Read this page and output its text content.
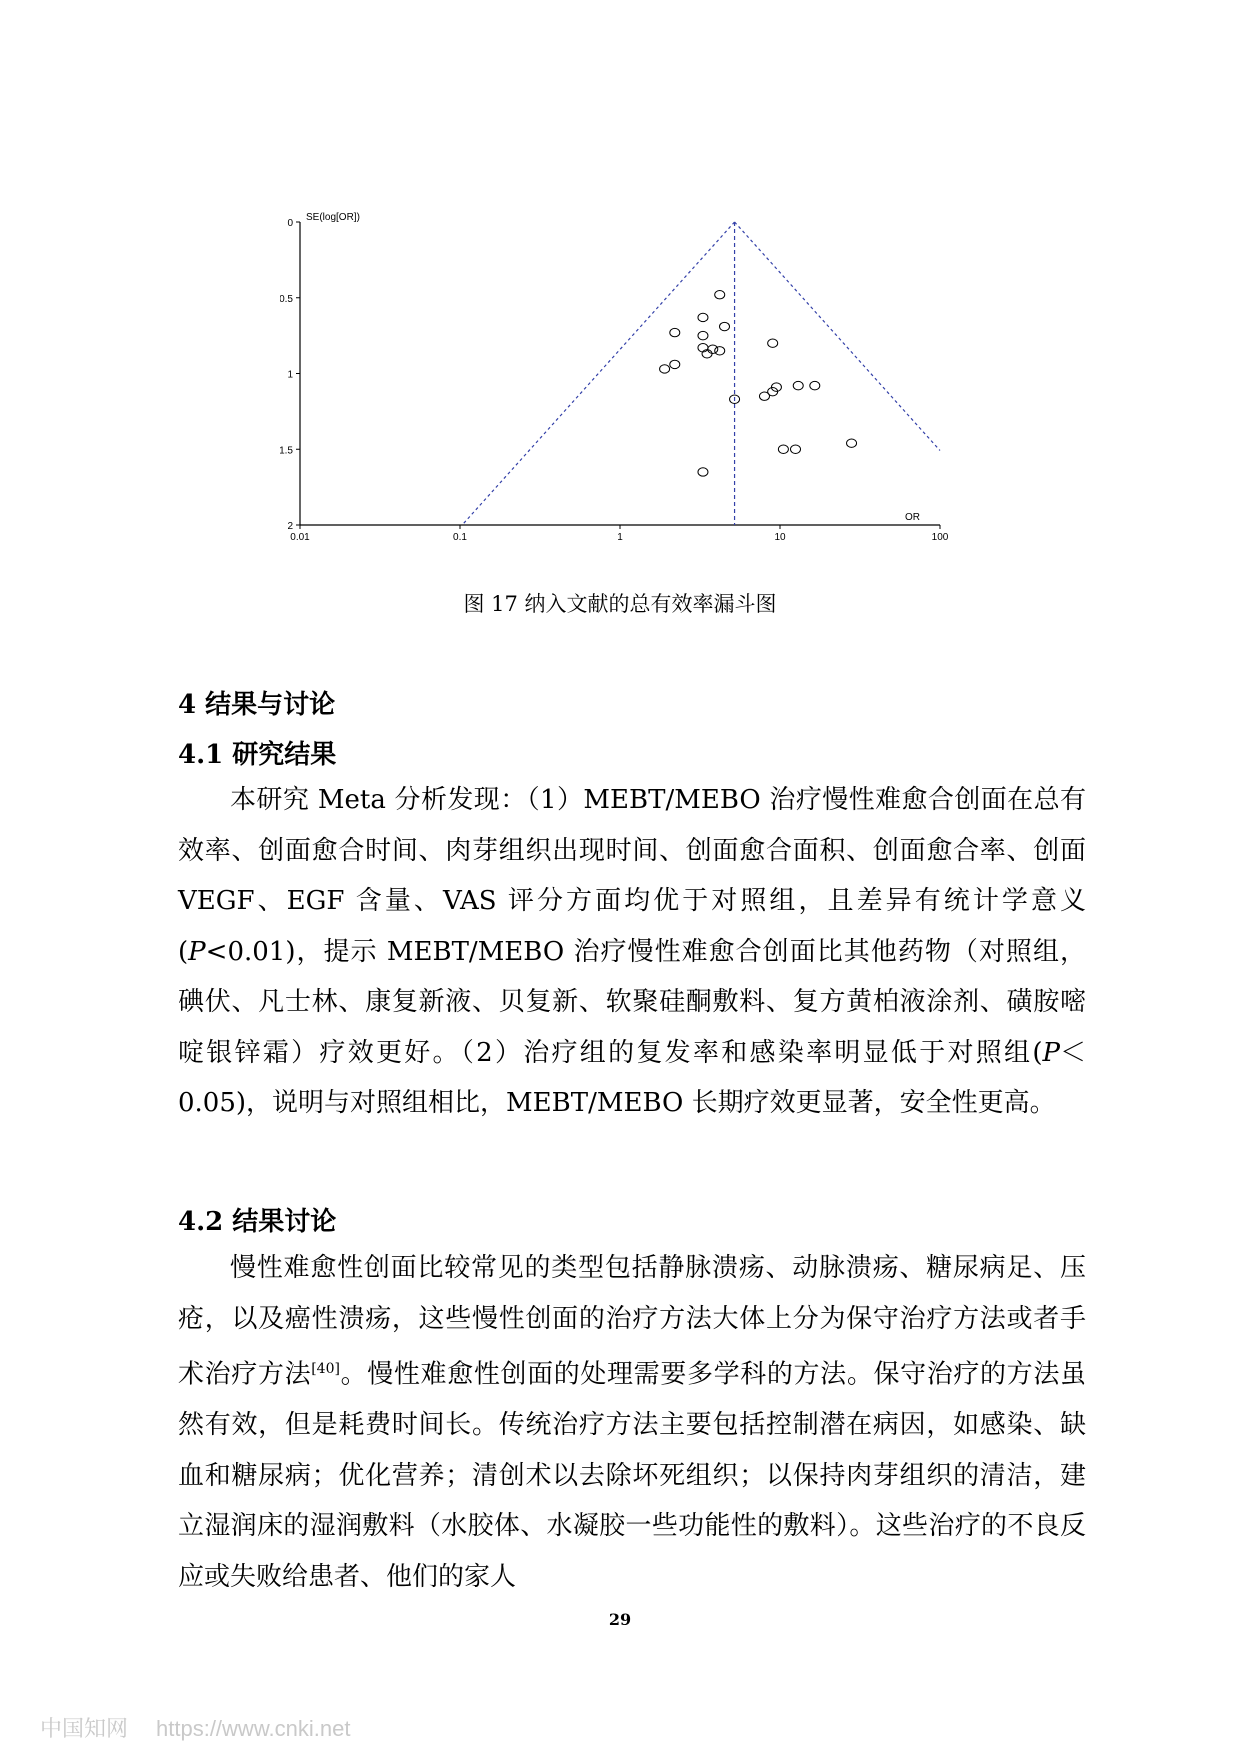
SE(log[OR])
OR
0
0.5
1
1.5
2
0.01	0.1	1	10	100
图 17 纳入文献的总有效率漏斗图
4 结果与讨论
4.1 研究结果

本研究 Meta 分析发现：（1）MEBT/MEBO 治疗慢性难愈合创面在总有效率、创面愈合时间、肉芽组织出现时间、创面愈合面积、创面愈合率、创面 VEGF、EGF 含量、VAS 评分方面均优于对照组，且差异有统计学意义(P<0.01)，提示 MEBT/MEBO 治疗慢性难愈合创面比其他药物（对照组，碘伏、凡士林、康复新液、贝复新、软聚硅酮敷料、复方黄柏液涂剂、磺胺嘧啶银锌霜）疗效更好。（2）治疗组的复发率和感染率明显低于对照组(P＜0.05)，说明与对照组相比，MEBT/MEBO 长期疗效更显著，安全性更高。

4.2 结果讨论

慢性难愈性创面比较常见的类型包括静脉溃疡、动脉溃疡、糖尿病足、压疮，以及癌性溃疡，这些慢性创面的治疗方法大体上分为保守治疗方法或者手术治疗方法[40]。慢性难愈性创面的处理需要多学科的方法。保守治疗的方法虽然有效，但是耗费时间长。传统治疗方法主要包括控制潜在病因，如感染、缺血和糖尿病；优化营养；清创术以去除坏死组织；以保持肉芽组织的清洁，建立湿润床的湿润敷料（水胶体、水凝胶一些功能性的敷料）。这些治疗的不良反应或失败给患者、他们的家人

29
中国知网 https://www.cnki.net
